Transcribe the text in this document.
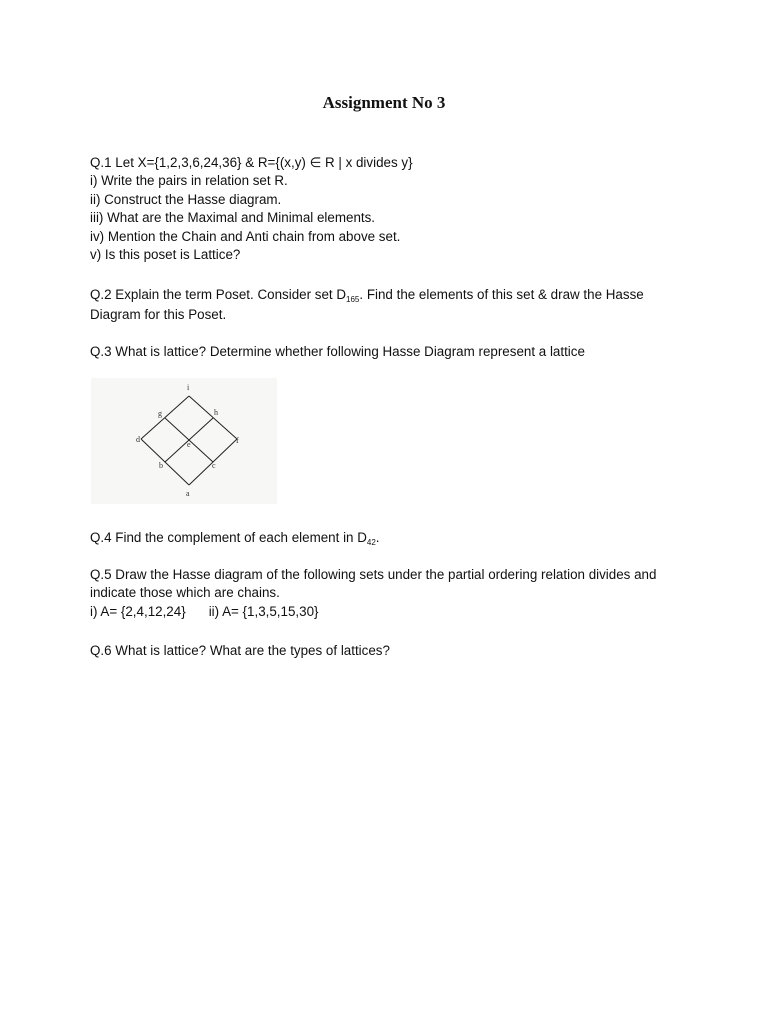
Assignment No 3
Q.1 Let X={1,2,3,6,24,36} & R={(x,y) ∈ R | x divides y}
i) Write the pairs in relation set R.
ii) Construct the Hasse diagram.
iii) What are the Maximal and Minimal elements.
iv) Mention the Chain and Anti chain from above set.
v) Is this poset is Lattice?
Q.2 Explain the term Poset. Consider set $D_{165}$. Find the elements of this set & draw the Hasse
Diagram for this Poset.
Q.3 What is lattice? Determine whether following Hasse Diagram represent a lattice
i
g	h
d
e	f
b	c
a
Q.4 Find the complement of each element in $D_{42}$.
Q.5 Draw the Hasse diagram of the following sets under the partial ordering relation divides and
indicate those which are chains.
i) A= {2,4,12,24} ii) A= {1,3,5,15,30}
Q.6 What is lattice? What are the types of lattices?
